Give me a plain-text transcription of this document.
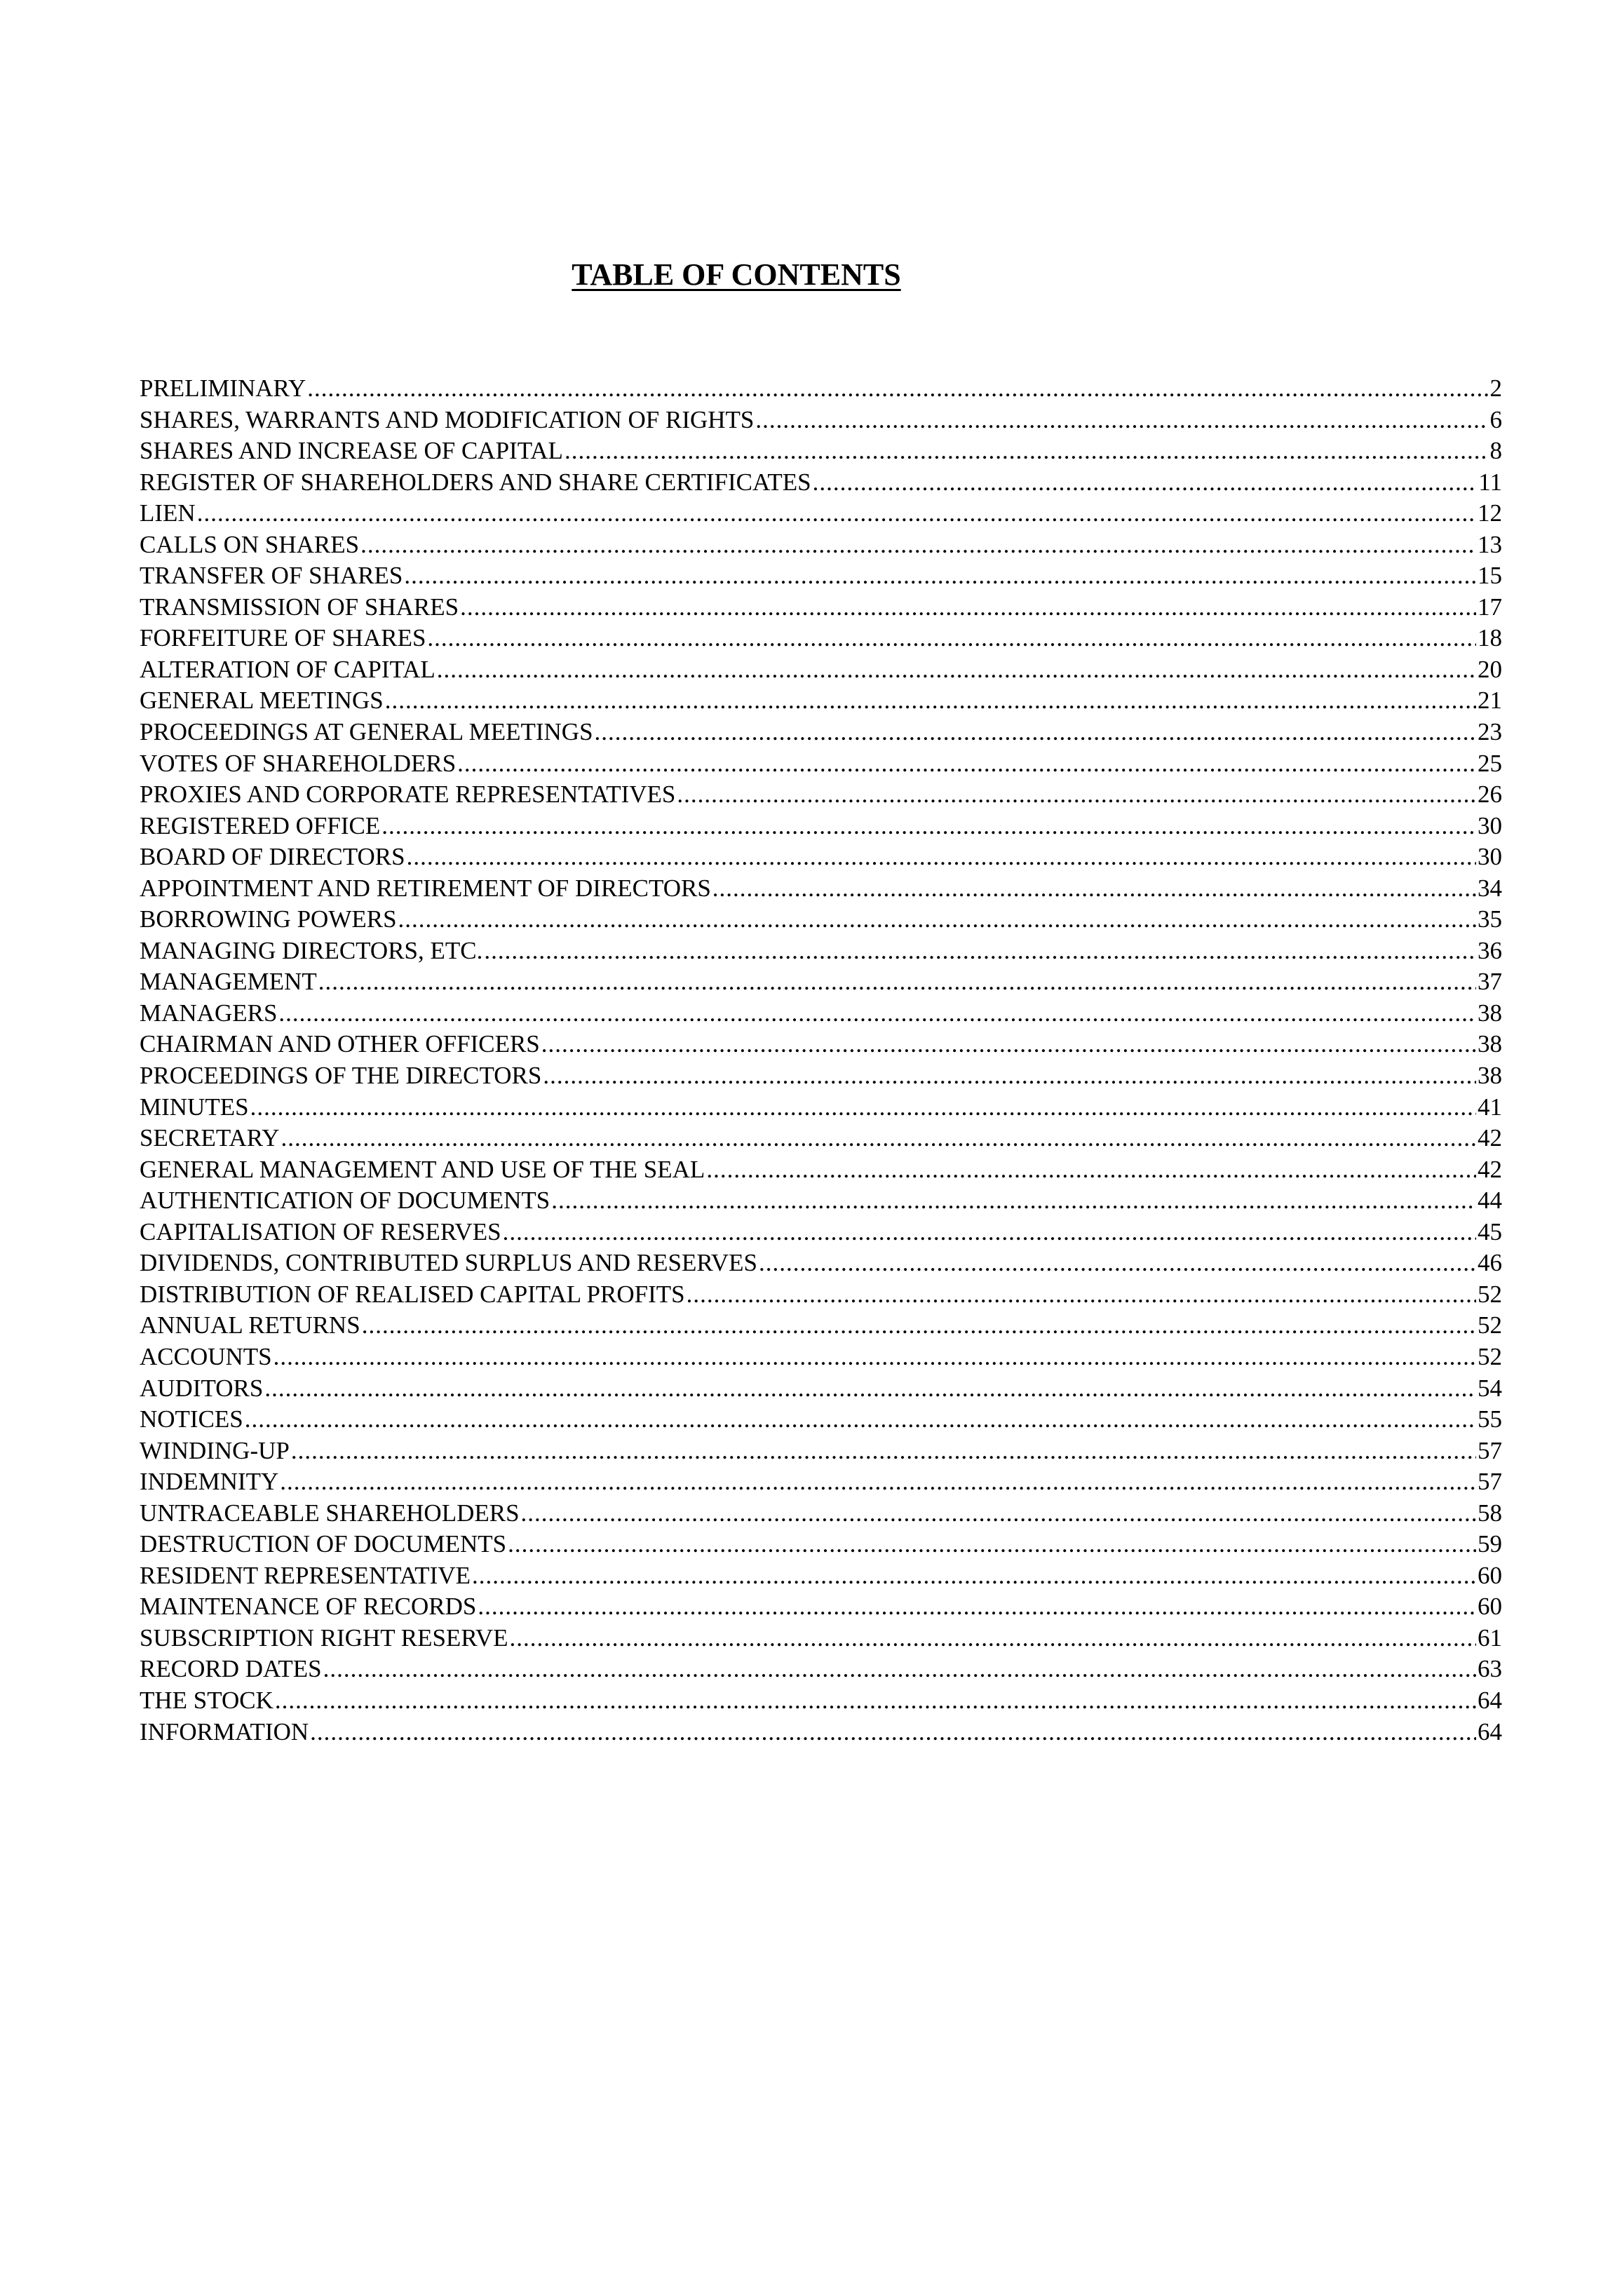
TABLE OF CONTENTS
PRELIMINARY .....	2
SHARES, WARRANTS AND MODIFICATION OF RIGHTS .....	6
SHARES AND INCREASE OF CAPITAL .....	8
REGISTER OF SHAREHOLDERS AND SHARE CERTIFICATES .....	11
LIEN .....	12
CALLS ON SHARES .....	13
TRANSFER OF SHARES .....	15
TRANSMISSION OF SHARES .....	17
FORFEITURE OF SHARES .....	18
ALTERATION OF CAPITAL .....	20
GENERAL MEETINGS .....	21
PROCEEDINGS AT GENERAL MEETINGS .....	23
VOTES OF SHAREHOLDERS .....	25
PROXIES AND CORPORATE REPRESENTATIVES .....	26
REGISTERED OFFICE .....	30
BOARD OF DIRECTORS .....	30
APPOINTMENT AND RETIREMENT OF DIRECTORS .....	34
BORROWING POWERS .....	35
MANAGING DIRECTORS, ETC. .....	36
MANAGEMENT .....	37
MANAGERS .....	38
CHAIRMAN AND OTHER OFFICERS .....	38
PROCEEDINGS OF THE DIRECTORS .....	38
MINUTES .....	41
SECRETARY .....	42
GENERAL MANAGEMENT AND USE OF THE SEAL .....	42
AUTHENTICATION OF DOCUMENTS .....	44
CAPITALISATION OF RESERVES .....	45
DIVIDENDS, CONTRIBUTED SURPLUS AND RESERVES .....	46
DISTRIBUTION OF REALISED CAPITAL PROFITS .....	52
ANNUAL RETURNS .....	52
ACCOUNTS .....	52
AUDITORS .....	54
NOTICES .....	55
WINDING-UP .....	57
INDEMNITY .....	57
UNTRACEABLE SHAREHOLDERS .....	58
DESTRUCTION OF DOCUMENTS .....	59
RESIDENT REPRESENTATIVE .....	60
MAINTENANCE OF RECORDS .....	60
SUBSCRIPTION RIGHT RESERVE .....	61
RECORD DATES .....	63
THE STOCK .....	64
INFORMATION .....	64
